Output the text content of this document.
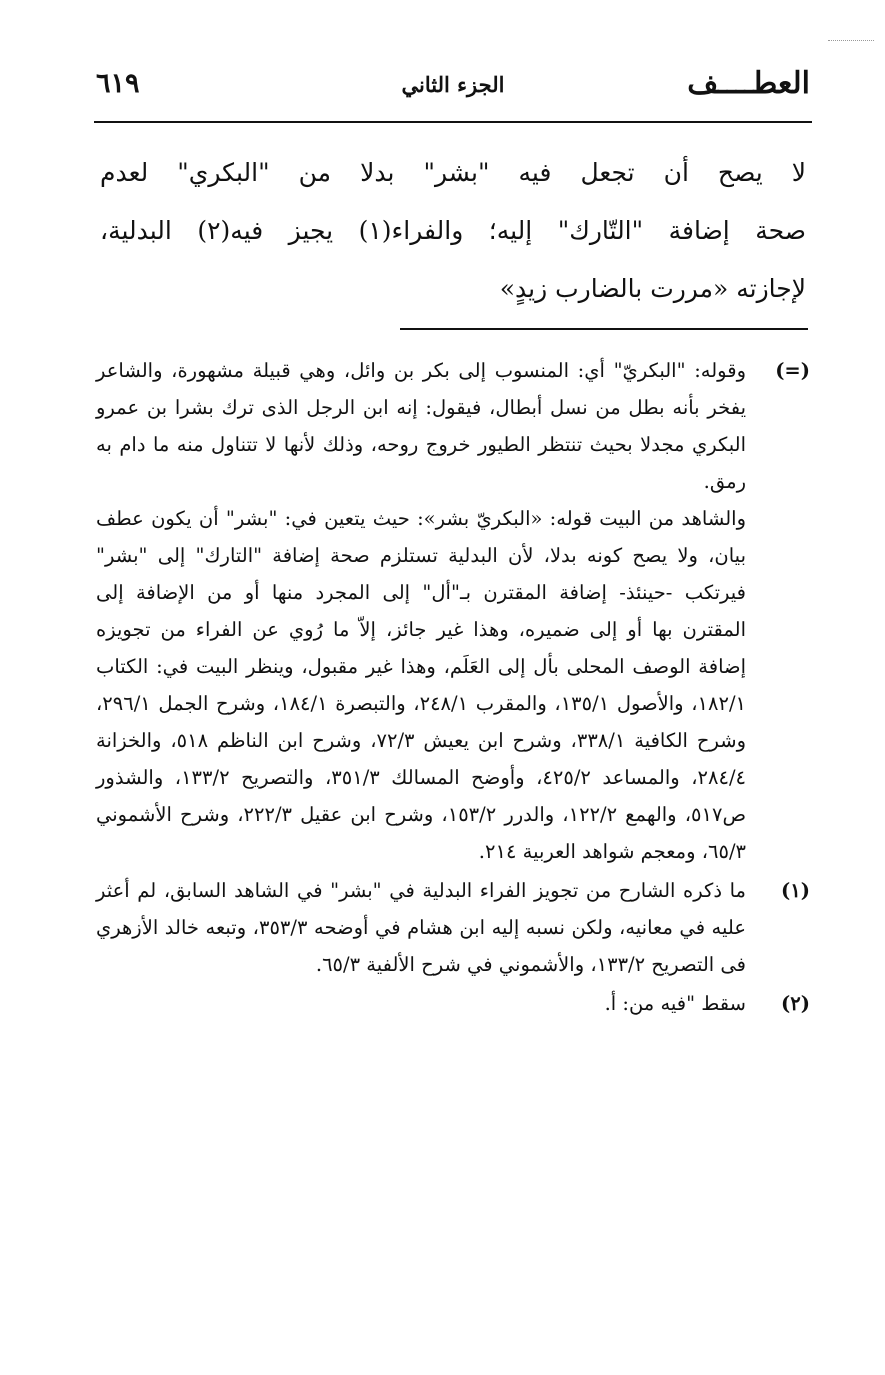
العطــــف
الجزء الثاني
٦١٩
لا يصح أن تجعل فيه "بشر" بدلا من "البكري" لعدم
صحة إضافة "التّارك" إليه؛ والفراء(١) يجيز فيه(٢) البدلية،
لإجازته «مررت بالضارب زيدٍ»
(=)

وقوله: "البكريّ" أي: المنسوب إلى بكر بن وائل، وهي قبيلة مشهورة، والشاعر يفخر بأنه بطل من نسل أبطال، فيقول: إنه ابن الرجل الذى ترك بشرا بن عمرو البكري مجدلا بحيث تنتظر الطيور خروج روحه، وذلك لأنها لا تتناول منه ما دام به رمق.

والشاهد من البيت قوله: «البكريّ بشر»: حيث يتعين في: "بشر" أن يكون عطف بيان، ولا يصح كونه بدلا، لأن البدلية تستلزم صحة إضافة "التارك" إلى "بشر" فيرتكب -حينئذ- إضافة المقترن بـ"أل" إلى المجرد منها أو من الإضافة إلى المقترن بها أو إلى ضميره، وهذا غير جائز، إلاّ ما رُوي عن الفراء من تجويزه إضافة الوصف المحلى بأل إلى العَلَم، وهذا غير مقبول، وينظر البيت في: الكتاب ١٨٢/١، والأصول ١٣٥/١، والمقرب ٢٤٨/١، والتبصرة ١٨٤/١، وشرح الجمل ٢٩٦/١، وشرح الكافية ٣٣٨/١، وشرح ابن يعيش ٧٢/٣، وشرح ابن الناظم ٥١٨، والخزانة ٢٨٤/٤، والمساعد ٤٢٥/٢، وأوضح المسالك ٣٥١/٣، والتصريح ١٣٣/٢، والشذور ص٥١٧، والهمع ١٢٢/٢، والدرر ١٥٣/٢، وشرح ابن عقيل ٢٢٢/٣، وشرح الأشموني ٦٥/٣، ومعجم شواهد العربية ٢١٤.

(١)

ما ذكره الشارح من تجويز الفراء البدلية في "بشر" في الشاهد السابق، لم أعثر عليه في معانيه، ولكن نسبه إليه ابن هشام في أوضحه ٣٥٣/٣، وتبعه خالد الأزهري فى التصريح ١٣٣/٢، والأشموني في شرح الألفية ٦٥/٣.

(٢)

سقط "فيه من: أ.
